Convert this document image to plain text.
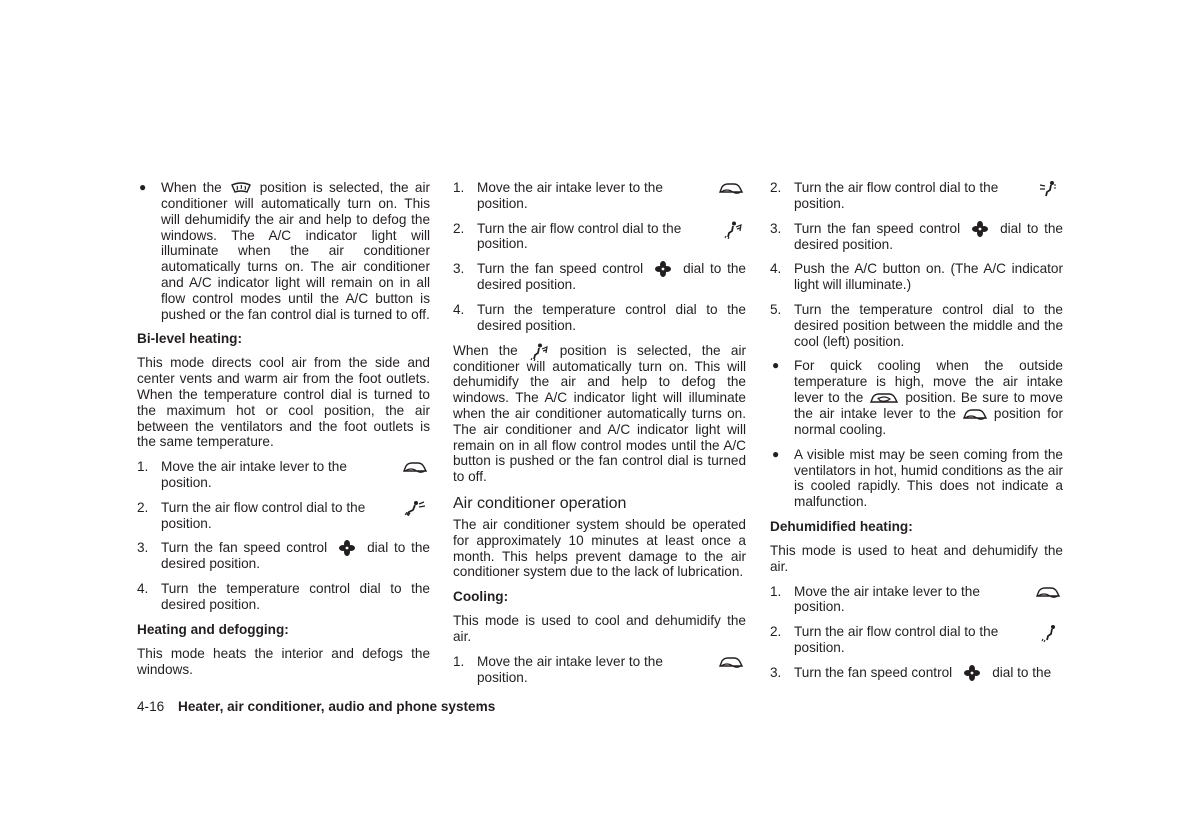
● When the	position is selected, the air conditioner will automatically turn on. This will dehumidify the air and help to defog the windows. The A/C indicator light will illuminate when the air conditioner automatically turns on. The air conditioner and A/C indicator light will remain on in all flow control modes until the A/C button is pushed or the fan control dial is turned to off.
Bi-level heating:

This mode directs cool air from the side and center vents and warm air from the foot outlets. When the temperature control dial is turned to the maximum hot or cool position, the air between the ventilators and the foot outlets is the same temperature.

1. Move the air intake lever to the

position.
2. Turn the air flow control dial to the

position.
3. Turn the fan speed control	dial to the desired position.
4. Turn the temperature control dial to the desired position.
Heating and defogging:

This mode heats the interior and defogs the windows.

1. Move the air intake lever to the

position.
2. Turn the air flow control dial to the

position.
3. Turn the fan speed control	dial to the desired position.
4. Turn the temperature control dial to the desired position.

When the	position is selected, the air conditioner will automatically turn on. This will dehumidify the air and help to defog the windows. The A/C indicator light will illuminate when the air conditioner automatically turns on. The air conditioner and A/C indicator light will remain on in all flow control modes until the A/C button is pushed or the fan control dial is turned to off.

Air conditioner operation

The air conditioner system should be operated for approximately 10 minutes at least once a month. This helps prevent damage to the air conditioner system due to the lack of lubrication.

Cooling:

This mode is used to cool and dehumidify the air.

1. Move the air intake lever to the

position.
2. Turn the air flow control dial to the

position.
3. Turn the fan speed control	dial to the desired position.
4. Push the A/C button on. (The A/C indicator light will illuminate.)
5. Turn the temperature control dial to the desired position between the middle and the cool (left) position.
● For quick cooling when the outside temperature is high, move the air intake lever to the	position. Be sure to move the air intake lever to the	position for normal cooling.
● A visible mist may be seen coming from the ventilators in hot, humid conditions as the air is cooled rapidly. This does not indicate a malfunction.
Dehumidified heating:

This mode is used to heat and dehumidify the air.

1. Move the air intake lever to the

position.
2. Turn the air flow control dial to the

position.
3. Turn the fan speed control	dial to the
4-16 Heater, air conditioner, audio and phone systems
